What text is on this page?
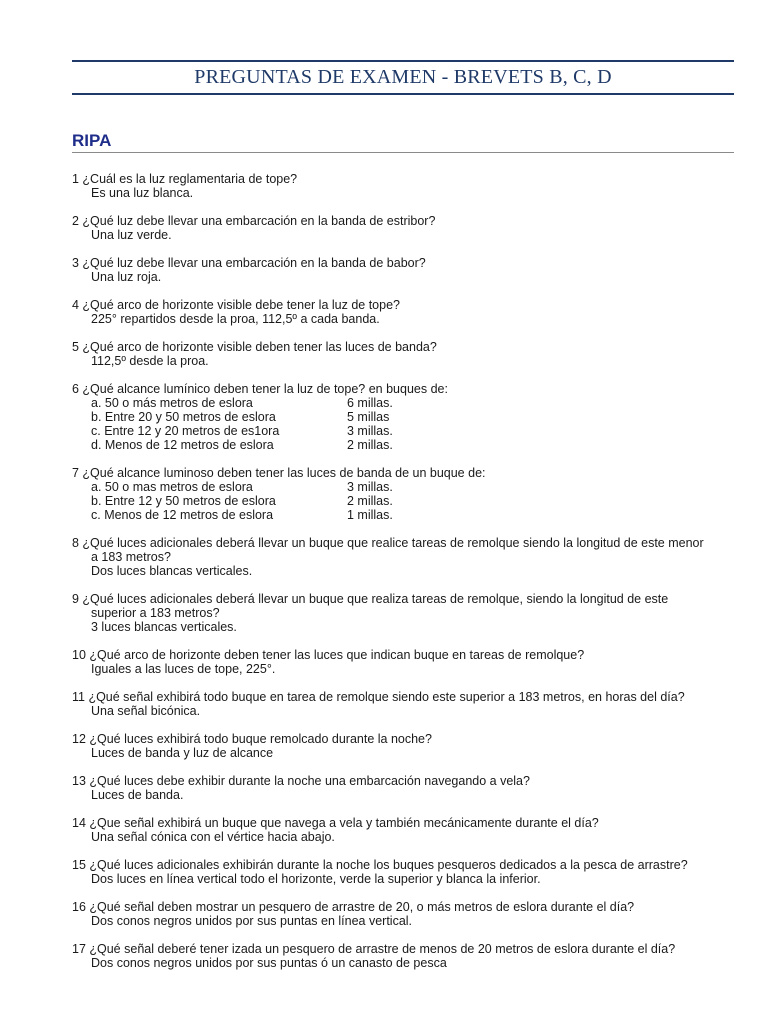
PREGUNTAS DE EXAMEN - BREVETS B, C, D
RIPA

1 ¿Cuál es la luz reglamentaria de tope?

Es una luz blanca.

2 ¿Qué luz debe llevar una embarcación en la banda de estribor?

Una luz verde.

3 ¿Qué luz debe llevar una embarcación en la banda de babor?

Una luz roja.

4 ¿Qué arco de horizonte visible debe tener la luz de tope?

225° repartidos desde la proa, 112,5º a cada banda.

5 ¿Qué arco de horizonte visible deben tener las luces de banda?

112,5º desde la proa.

6 ¿Qué alcance lumínico deben tener la luz de tope? en buques de:

a. 50 o más metros de eslora	6 millas.
b. Entre 20 y 50 metros de eslora	5 millas
c. Entre 12 y 20 metros de es1ora	3 millas.
d. Menos de 12 metros de eslora	2 millas.

7 ¿Qué alcance luminoso deben tener las luces de banda de un buque de:

a. 50 o mas metros de eslora	3 millas.
b. Entre 12 y 50 metros de eslora	2 millas.
c. Menos de 12 metros de eslora	1 millas.

8 ¿Qué luces adicionales deberá llevar un buque que realice tareas de remolque siendo la longitud de este menor

a 183 metros?

Dos luces blancas verticales.

9 ¿Qué luces adicionales deberá llevar un buque que realiza tareas de remolque, siendo la longitud de este

superior a 183 metros?

3 luces blancas verticales.

10 ¿Qué arco de horizonte deben tener las luces que indican buque en tareas de remolque?

Iguales a las luces de tope, 225°.

11 ¿Qué señal exhibirá todo buque en tarea de remolque siendo este superior a 183 metros, en horas del día?

Una señal bicónica.

12 ¿Qué luces exhibirá todo buque remolcado durante la noche?

Luces de banda y luz de alcance

13 ¿Qué luces debe exhibir durante la noche una embarcación navegando a vela?

Luces de banda.

14 ¿Que señal exhibirá un buque que navega a vela y también mecánicamente durante el día?

Una señal cónica con el vértice hacia abajo.

15 ¿Qué luces adicionales exhibirán durante la noche los buques pesqueros dedicados a la pesca de arrastre?

Dos luces en línea vertical todo el horizonte, verde la superior y blanca la inferior.

16 ¿Qué señal deben mostrar un pesquero de arrastre de 20, o más metros de eslora durante el día?

Dos conos negros unidos por sus puntas en línea vertical.

17 ¿Qué señal deberé tener izada un pesquero de arrastre de menos de 20 metros de eslora durante el día?

Dos conos negros unidos por sus puntas ó un canasto de pesca
